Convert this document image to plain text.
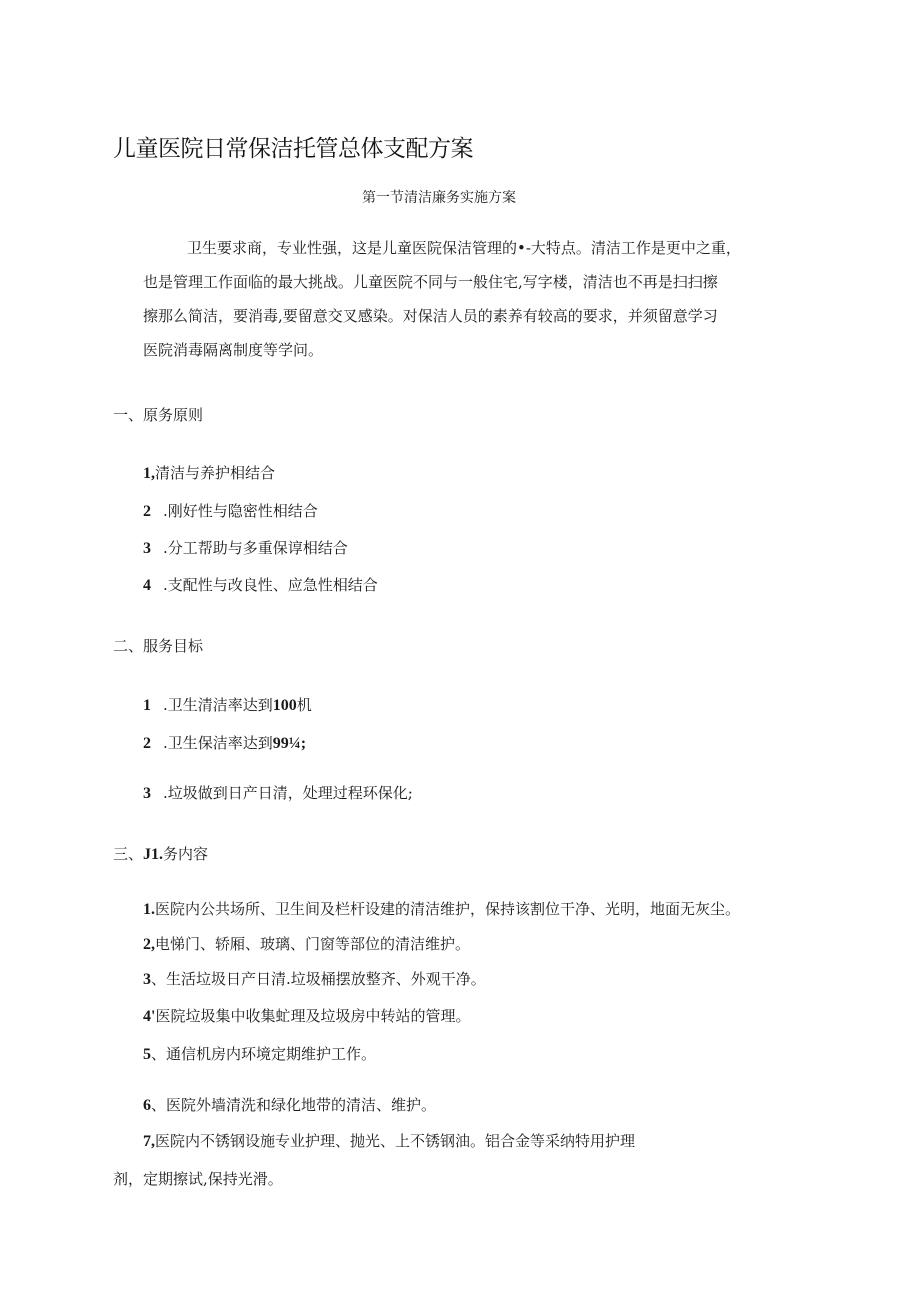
儿童医院日常保洁托管总体支配方案
第一节清洁廉务实施方案
卫生要求商，专业性强，这是儿童医院保洁管理的•-大特点。清洁工作是更中之重，
也是管理工作面临的最大挑战。儿童医院不同与一般住宅,写字楼，清洁也不再是扫扫擦
擦那么简洁，要消毒,要留意交叉感染。对保洁人员的素养有较高的要求，并须留意学习
医院消毒隔离制度等学问。
一、原务原则
1,清洁与养护相结合
2 .刚好性与隐密性相结合
3 .分工帮助与多重保谆相结合
4 .支配性与改良性、应急性相结合
二、服务目标
1 .卫生清洁率达到100机
2 .卫生保洁率达到99¼;
3 .垃圾做到日产日清，处理过程环保化;
三、J1.务内容
1.医院内公共场所、卫生间及栏杆设建的清洁维护，保持该割位干净、光明，地面无灰尘。
2,电悌门、轿厢、玻璃、门窗等部位的清洁维护。
3、生活垃圾日产日清.垃圾桶摆放整齐、外观干净。
4'医院垃圾集中收集虻理及垃圾房中转站的管理。
5、通信机房内环境定期维护工作。
6、医院外墙清洗和绿化地带的清洁、维护。
7,医院内不锈钢设施专业护理、抛光、上不锈钢油。铝合金等采纳特用护理
剂，定期擦试,保持光滑。
